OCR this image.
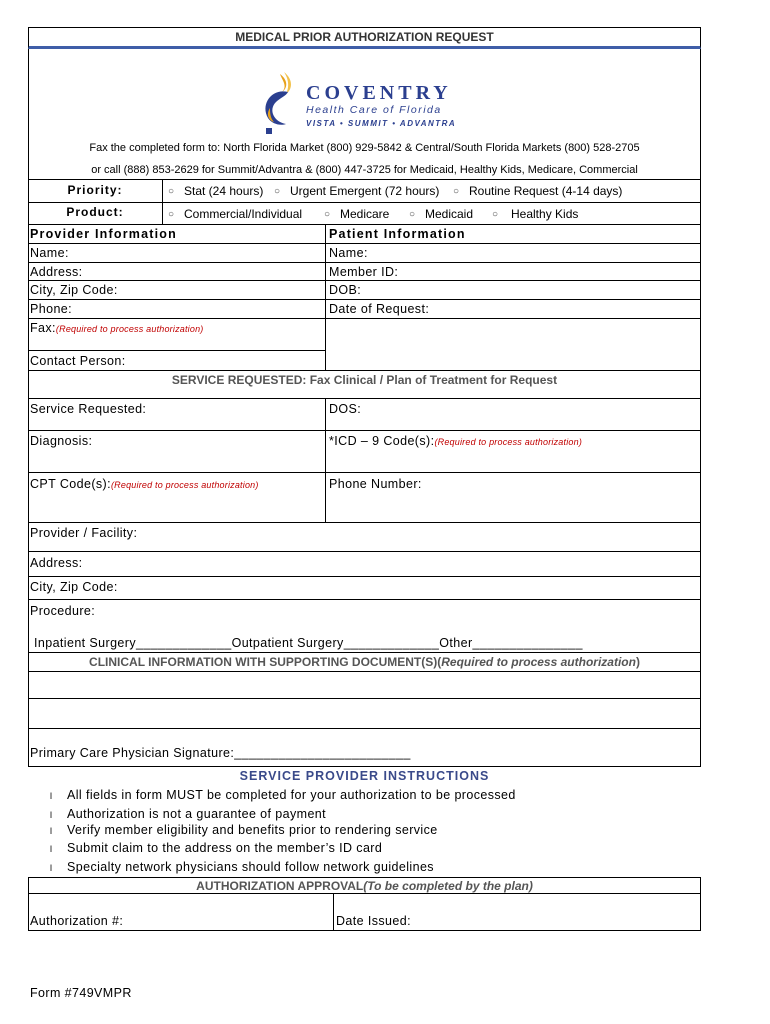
MEDICAL PRIOR AUTHORIZATION REQUEST
COVENTRY
Health Care of Florida
VISTA • SUMMIT • ADVANTRA
Fax the completed form to: North Florida Market (800) 929-5842 & Central/South Florida Markets (800) 528-2705
or call (888) 853-2629 for Summit/Advantra & (800) 447-3725 for Medicaid, Healthy Kids, Medicare, Commercial
Priority:	○ Stat (24 hours) ○ Urgent Emergent (72 hours) ○ Routine Request (4-14 days)
Product:	○ Commercial/Individual ○ Medicare ○ Medicaid ○ Healthy Kids
Provider Information	Patient Information
Name:	Name:
Address:	Member ID:
City, Zip Code:	DOB:
Phone:	Date of Request:
Fax:(Required to process authorization)
Contact Person:
SERVICE REQUESTED: Fax Clinical / Plan of Treatment for Request
Service Requested:	DOS:
Diagnosis:	*ICD – 9 Code(s):(Required to process authorization)
CPT Code(s):(Required to process authorization)	Phone Number:
Provider / Facility:
Address:
City, Zip Code:
Procedure:
Inpatient Surgery_____________Outpatient Surgery_____________Other_______________
CLINICAL INFORMATION WITH SUPPORTING DOCUMENT(S)(Required to process authorization)
Primary Care Physician Signature:________________________
SERVICE PROVIDER INSTRUCTIONS
l All fields in form MUST be completed for your authorization to be processed
l Authorization is not a guarantee of payment
l Verify member eligibility and benefits prior to rendering service
l Submit claim to the address on the member’s ID card
l Specialty network physicians should follow network guidelines
AUTHORIZATION APPROVAL(To be completed by the plan)
Authorization #:	Date Issued:
Form #749VMPR
